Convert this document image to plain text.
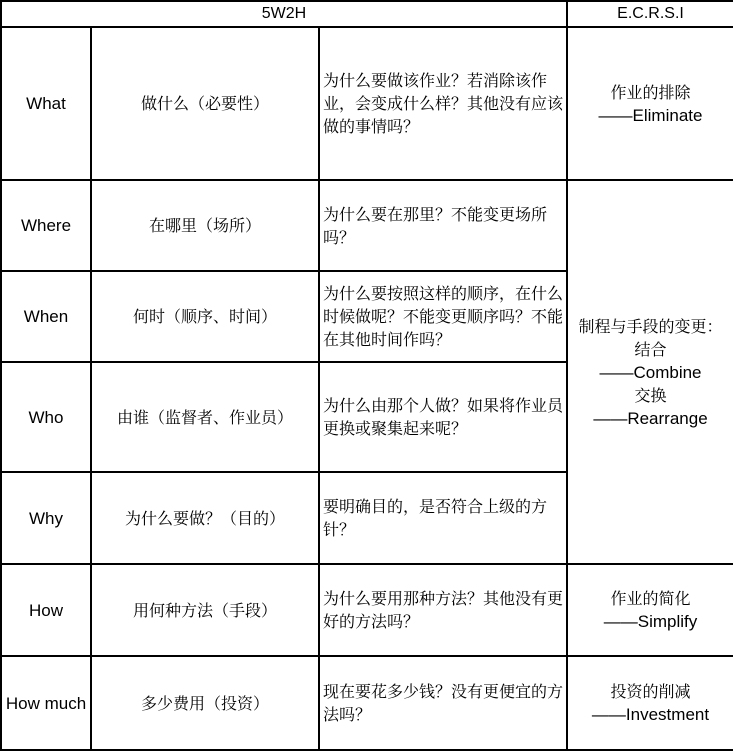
5W2H			E.C.R.S.I
What	做什么（必要性）	为什么要做该作业？若消除该作业，会变成什么样？其他没有应该做的事情吗？	作业的排除
——Eliminate

Where	在哪里（场所）	为什么要在那里？不能变更场所吗？	制程与手段的变更：结合
——Combine
交换
——Rearrange

When	何时（顺序、时间）	为什么要按照这样的顺序，在什么时候做呢？不能变更顺序吗？不能在其他时间作吗？	
Who	由谁（监督者、作业员）	为什么由那个人做？如果将作业员更换或聚集起来呢？	
Why	为什么要做？（目的）	要明确目的，是否符合上级的方针？	
How	用何种方法（手段）	为什么要用那种方法？其他没有更好的方法吗？	作业的简化
——Simplify

How much	多少费用（投资）	现在要花多少钱？没有更便宜的方法吗？	投资的削减
——Investment
